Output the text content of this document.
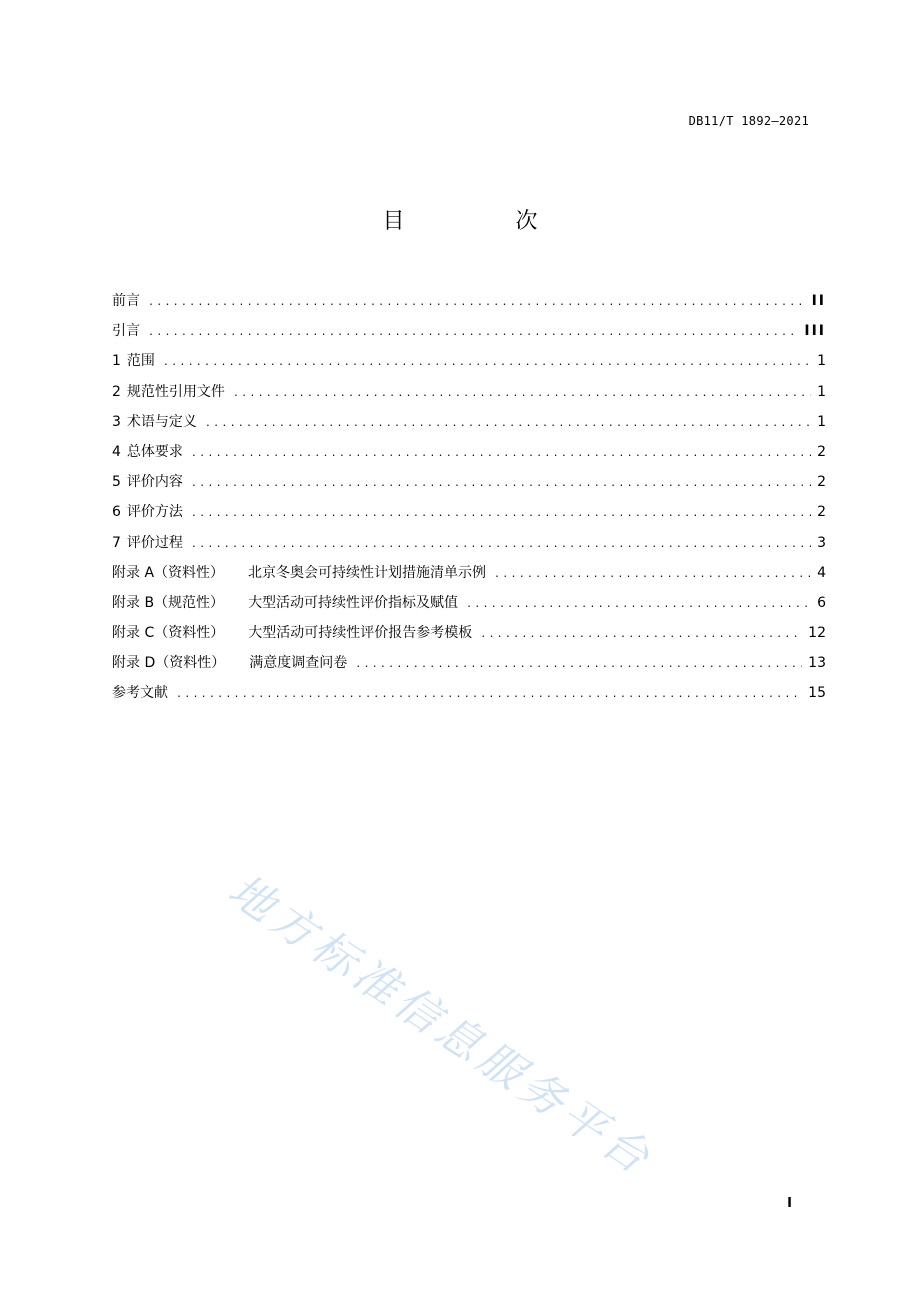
DB11/T 1892—2021
目 次
前言 .....	II
引言 .....	III
1 范围 .....	1
2 规范性引用文件 .....	1
3 术语与定义 .....	1
4 总体要求 .....	2
5 评价内容 .....	2
6 评价方法 .....	2
7 评价过程 .....	3
附录 A（资料性） 北京冬奥会可持续性计划措施清单示例 .....	4
附录 B（规范性） 大型活动可持续性评价指标及赋值 .....	6
附录 C（资料性） 大型活动可持续性评价报告参考模板 .....	12
附录 D（资料性） 满意度调查问卷 .....	13
参考文献 .....	15
地方标准信息服务平台
I
